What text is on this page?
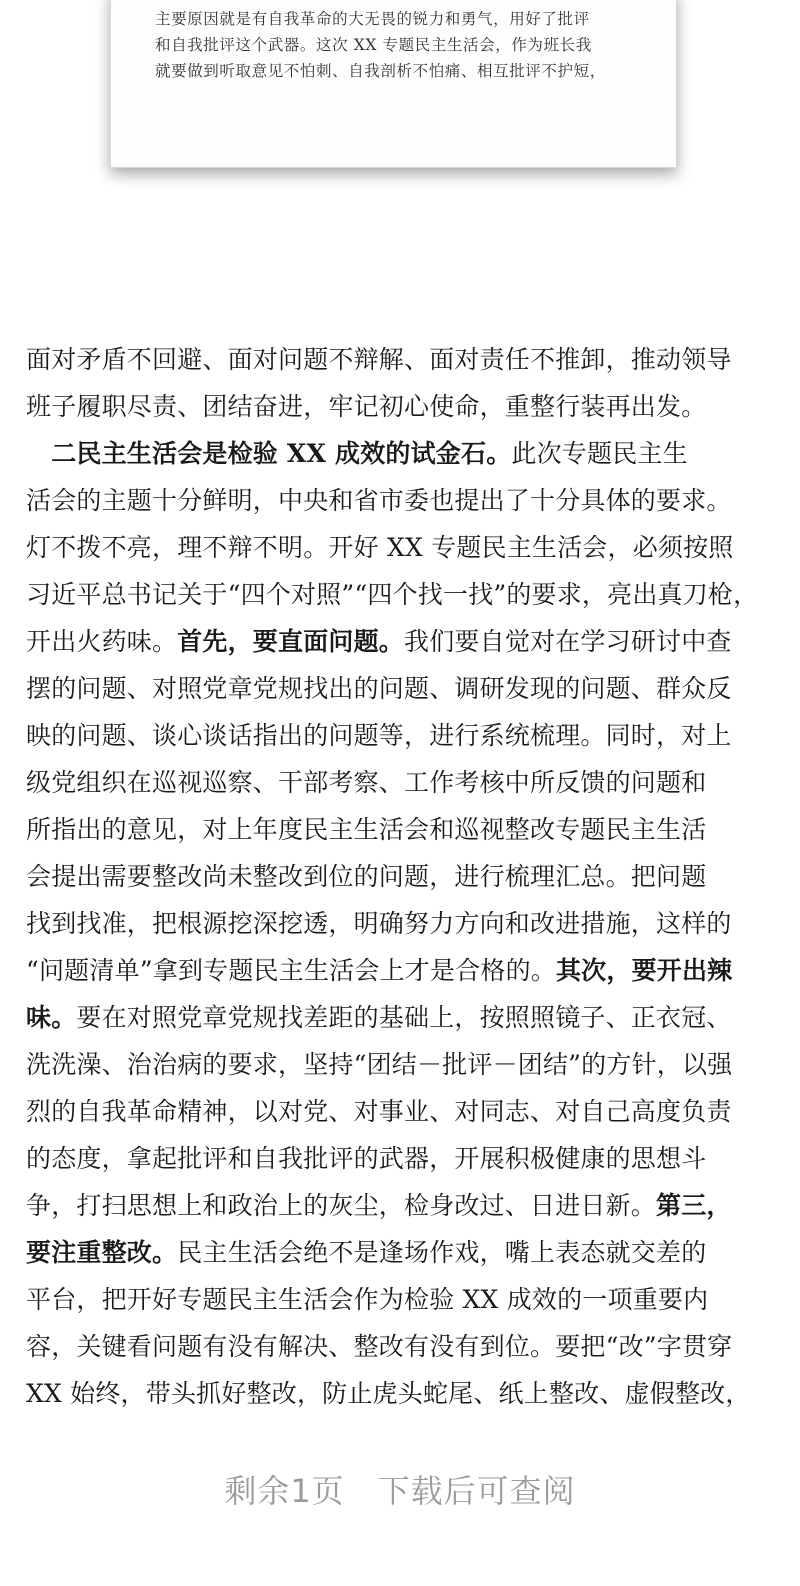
主要原因就是有自我革命的大无畏的锐力和勇气，用好了批评
和自我批评这个武器。这次 XX 专题民主生活会，作为班长我
就要做到听取意见不怕刺、自我剖析不怕痛、相互批评不护短，
面对矛盾不回避、面对问题不辩解、面对责任不推卸，推动领导
班子履职尽责、团结奋进，牢记初心使命，重整行装再出发。
　二民主生活会是检验 XX 成效的试金石。此次专题民主生
活会的主题十分鲜明，中央和省市委也提出了十分具体的要求。
灯不拨不亮，理不辩不明。开好 XX 专题民主生活会，必须按照
习近平总书记关于“四个对照”“四个找一找”的要求，亮出真刀枪，
开出火药味。首先，要直面问题。我们要自觉对在学习研讨中查
摆的问题、对照党章党规找出的问题、调研发现的问题、群众反
映的问题、谈心谈话指出的问题等，进行系统梳理。同时，对上
级党组织在巡视巡察、干部考察、工作考核中所反馈的问题和
所指出的意见，对上年度民主生活会和巡视整改专题民主生活
会提出需要整改尚未整改到位的问题，进行梳理汇总。把问题
找到找准，把根源挖深挖透，明确努力方向和改进措施，这样的
“问题清单”拿到专题民主生活会上才是合格的。其次，要开出辣
味。要在对照党章党规找差距的基础上，按照照镜子、正衣冠、
洗洗澡、治治病的要求，坚持“团结－批评－团结”的方针，以强
烈的自我革命精神，以对党、对事业、对同志、对自己高度负责
的态度，拿起批评和自我批评的武器，开展积极健康的思想斗
争，打扫思想上和政治上的灰尘，检身改过、日进日新。第三，
要注重整改。民主生活会绝不是逢场作戏，嘴上表态就交差的
平台，把开好专题民主生活会作为检验 XX 成效的一项重要内
容，关键看问题有没有解决、整改有没有到位。要把“改”字贯穿
XX 始终，带头抓好整改，防止虎头蛇尾、纸上整改、虚假整改，
剩余1页　下载后可查阅
